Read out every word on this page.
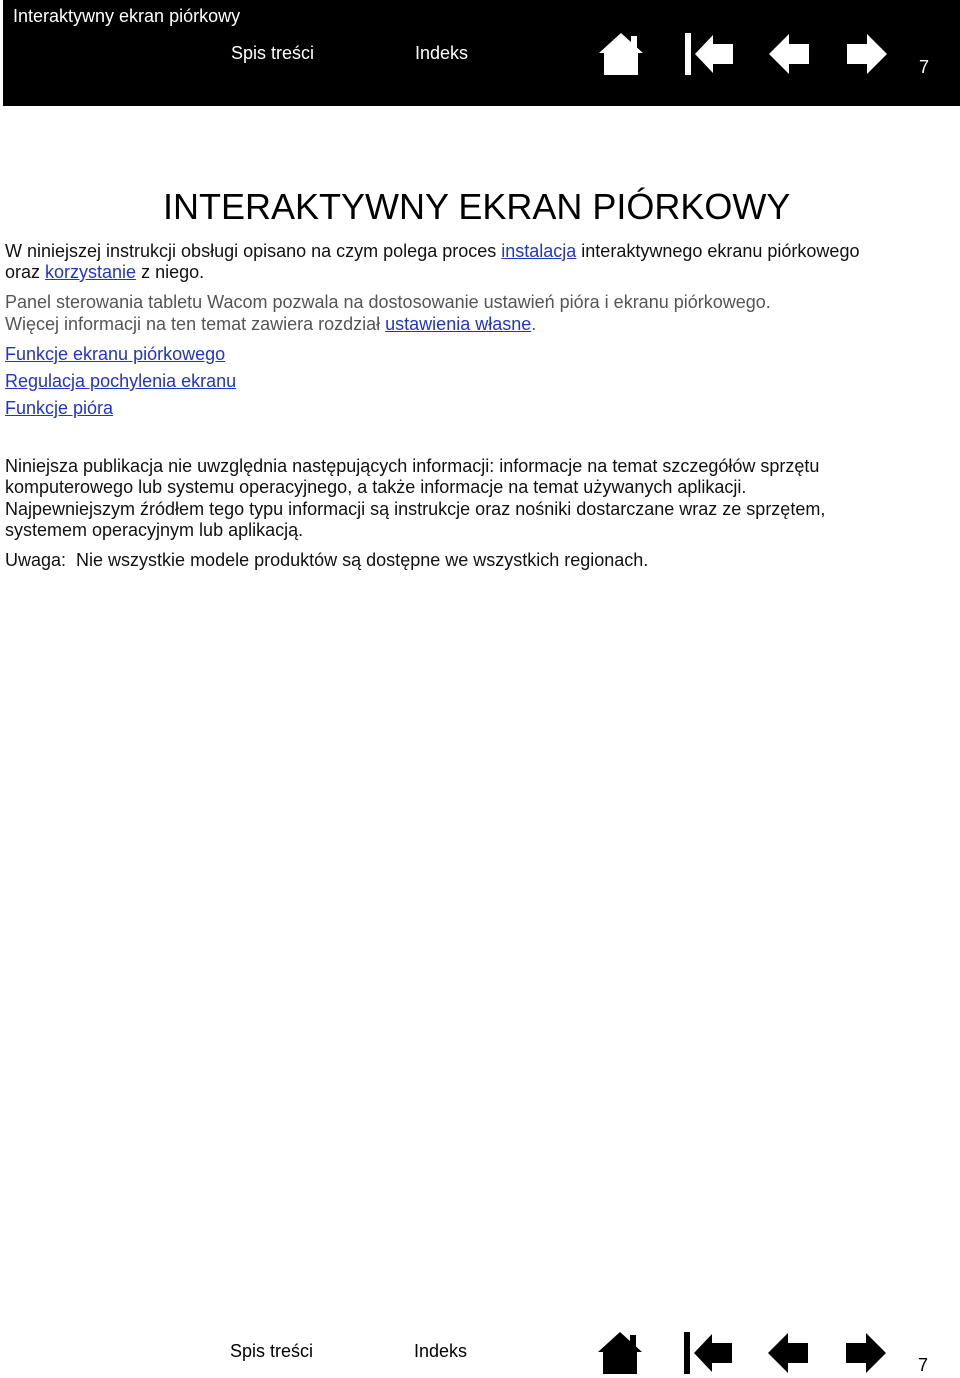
Interaktywny ekran piórkowy
Spis treści	Indeks
7
INTERAKTYWNY EKRAN PIÓRKOWY

W niniejszej instrukcji obsługi opisano na czym polega proces instalacja interaktywnego ekranu piórkowego

oraz korzystanie z niego.

Panel sterowania tabletu Wacom pozwala na dostosowanie ustawień pióra i ekranu piórkowego.

Więcej informacji na ten temat zawiera rozdział ustawienia własne.

Funkcje ekranu piórkowego

Regulacja pochylenia ekranu

Funkcje pióra

Niniejsza publikacja nie uwzględnia następujących informacji: informacje na temat szczegółów sprzętu

komputerowego lub systemu operacyjnego, a także informacje na temat używanych aplikacji.

Najpewniejszym źródłem tego typu informacji są instrukcje oraz nośniki dostarczane wraz ze sprzętem,

systemem operacyjnym lub aplikacją.

Uwaga: Nie wszystkie modele produktów są dostępne we wszystkich regionach.

Spis treści	Indeks
7
